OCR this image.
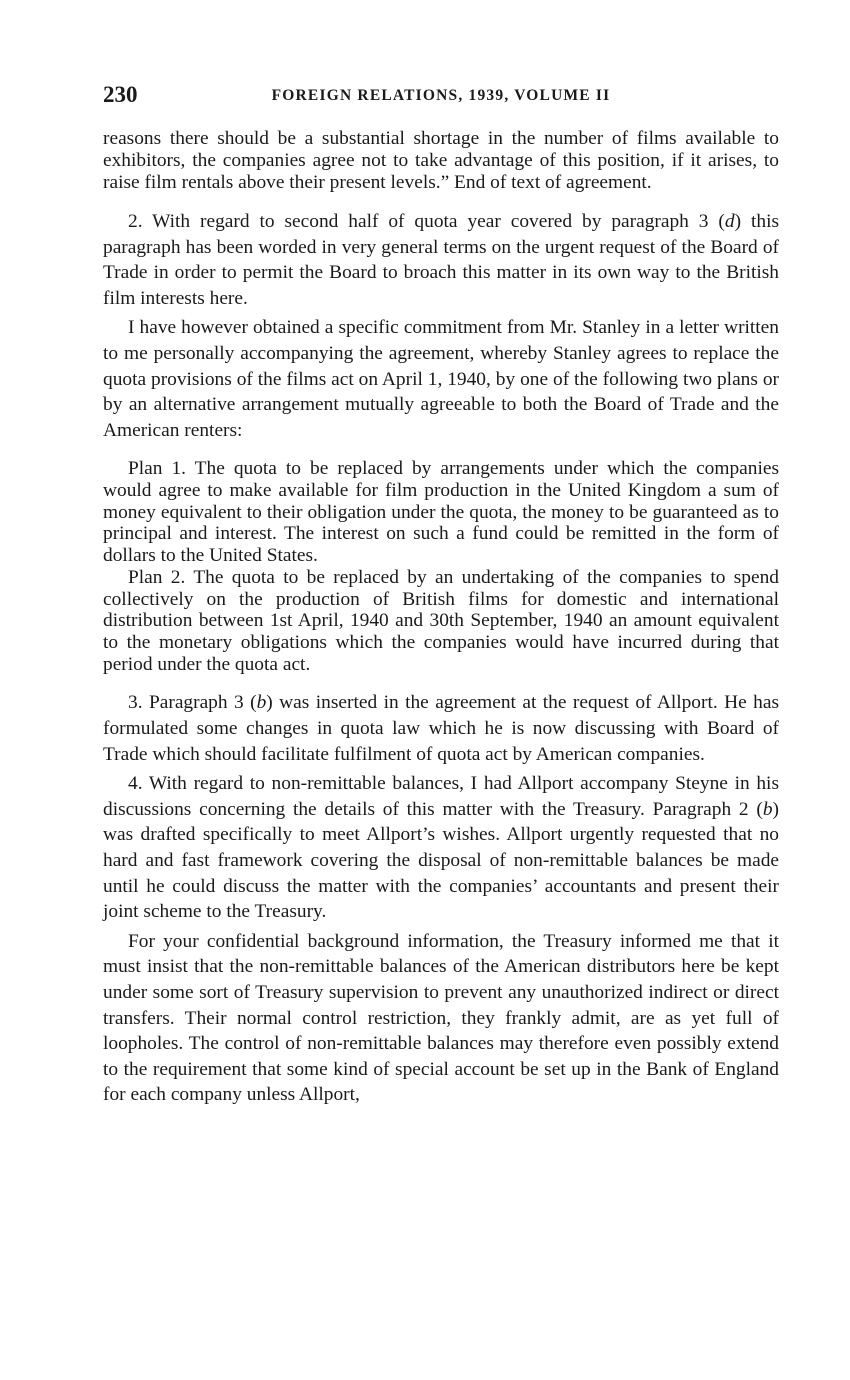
230	FOREIGN RELATIONS, 1939, VOLUME II

reasons there should be a substantial shortage in the number of films available to exhibitors, the companies agree not to take advantage of this position, if it arises, to raise film rentals above their present levels.” End of text of agreement.

2. With regard to second half of quota year covered by paragraph 3 (d) this paragraph has been worded in very general terms on the urgent request of the Board of Trade in order to permit the Board to broach this matter in its own way to the British film interests here.

I have however obtained a specific commitment from Mr. Stanley in a letter written to me personally accompanying the agreement, whereby Stanley agrees to replace the quota provisions of the films act on April 1, 1940, by one of the following two plans or by an alternative arrangement mutually agreeable to both the Board of Trade and the American renters:

Plan 1. The quota to be replaced by arrangements under which the companies would agree to make available for film production in the United Kingdom a sum of money equivalent to their obligation under the quota, the money to be guaranteed as to principal and interest. The interest on such a fund could be remitted in the form of dollars to the United States.

Plan 2. The quota to be replaced by an undertaking of the companies to spend collectively on the production of British films for domestic and international distribution between 1st April, 1940 and 30th September, 1940 an amount equivalent to the monetary obligations which the companies would have incurred during that period under the quota act.

3. Paragraph 3 (b) was inserted in the agreement at the request of Allport. He has formulated some changes in quota law which he is now discussing with Board of Trade which should facilitate fulfilment of quota act by American companies.

4. With regard to non-remittable balances, I had Allport accompany Steyne in his discussions concerning the details of this matter with the Treasury. Paragraph 2 (b) was drafted specifically to meet Allport’s wishes. Allport urgently requested that no hard and fast framework covering the disposal of non-remittable balances be made until he could discuss the matter with the companies’ accountants and present their joint scheme to the Treasury.

For your confidential background information, the Treasury informed me that it must insist that the non-remittable balances of the American distributors here be kept under some sort of Treasury supervision to prevent any unauthorized indirect or direct transfers. Their normal control restriction, they frankly admit, are as yet full of loopholes. The control of non-remittable balances may therefore even possibly extend to the requirement that some kind of special account be set up in the Bank of England for each company unless Allport,
